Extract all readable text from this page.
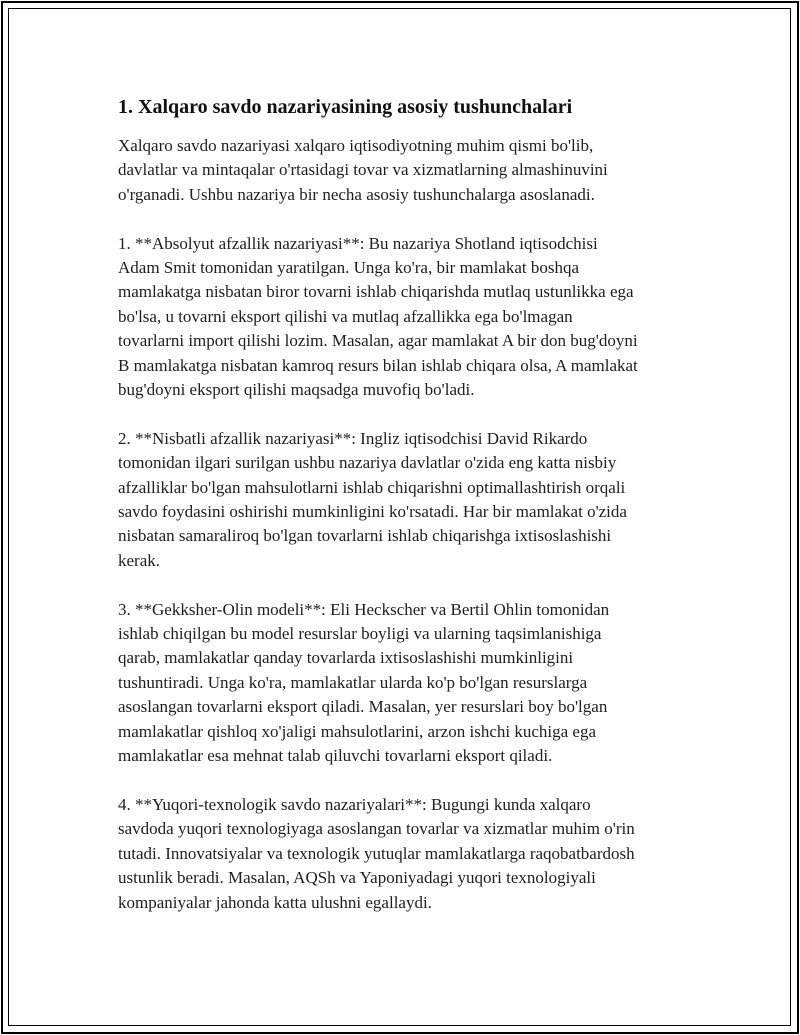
1. Xalqaro savdo nazariyasining asosiy tushunchalari
Xalqaro savdo nazariyasi xalqaro iqtisodiyotning muhim qismi bo'lib,
davlatlar va mintaqalar o'rtasidagi tovar va xizmatlarning almashinuvini
o'rganadi. Ushbu nazariya bir necha asosiy tushunchalarga asoslanadi.
1. **Absolyut afzallik nazariyasi**: Bu nazariya Shotland iqtisodchisi
Adam Smit tomonidan yaratilgan. Unga ko'ra, bir mamlakat boshqa
mamlakatga nisbatan biror tovarni ishlab chiqarishda mutlaq ustunlikka ega
bo'lsa, u tovarni eksport qilishi va mutlaq afzallikka ega bo'lmagan
tovarlarni import qilishi lozim. Masalan, agar mamlakat A bir don bug'doyni
B mamlakatga nisbatan kamroq resurs bilan ishlab chiqara olsa, A mamlakat
bug'doyni eksport qilishi maqsadga muvofiq bo'ladi.
2. **Nisbatli afzallik nazariyasi**: Ingliz iqtisodchisi David Rikardo
tomonidan ilgari surilgan ushbu nazariya davlatlar o'zida eng katta nisbiy
afzalliklar bo'lgan mahsulotlarni ishlab chiqarishni optimallashtirish orqali
savdo foydasini oshirishi mumkinligini ko'rsatadi. Har bir mamlakat o'zida
nisbatan samaraliroq bo'lgan tovarlarni ishlab chiqarishga ixtisoslashishi
kerak.
3. **Gekksher-Olin modeli**: Eli Heckscher va Bertil Ohlin tomonidan
ishlab chiqilgan bu model resurslar boyligi va ularning taqsimlanishiga
qarab, mamlakatlar qanday tovarlarda ixtisoslashishi mumkinligini
tushuntiradi. Unga ko'ra, mamlakatlar ularda ko'p bo'lgan resurslarga
asoslangan tovarlarni eksport qiladi. Masalan, yer resurslari boy bo'lgan
mamlakatlar qishloq xo'jaligi mahsulotlarini, arzon ishchi kuchiga ega
mamlakatlar esa mehnat talab qiluvchi tovarlarni eksport qiladi.
4. **Yuqori-texnologik savdo nazariyalari**: Bugungi kunda xalqaro
savdoda yuqori texnologiyaga asoslangan tovarlar va xizmatlar muhim o'rin
tutadi. Innovatsiyalar va texnologik yutuqlar mamlakatlarga raqobatbardosh
ustunlik beradi. Masalan, AQSh va Yaponiyadagi yuqori texnologiyali
kompaniyalar jahonda katta ulushni egallaydi.
